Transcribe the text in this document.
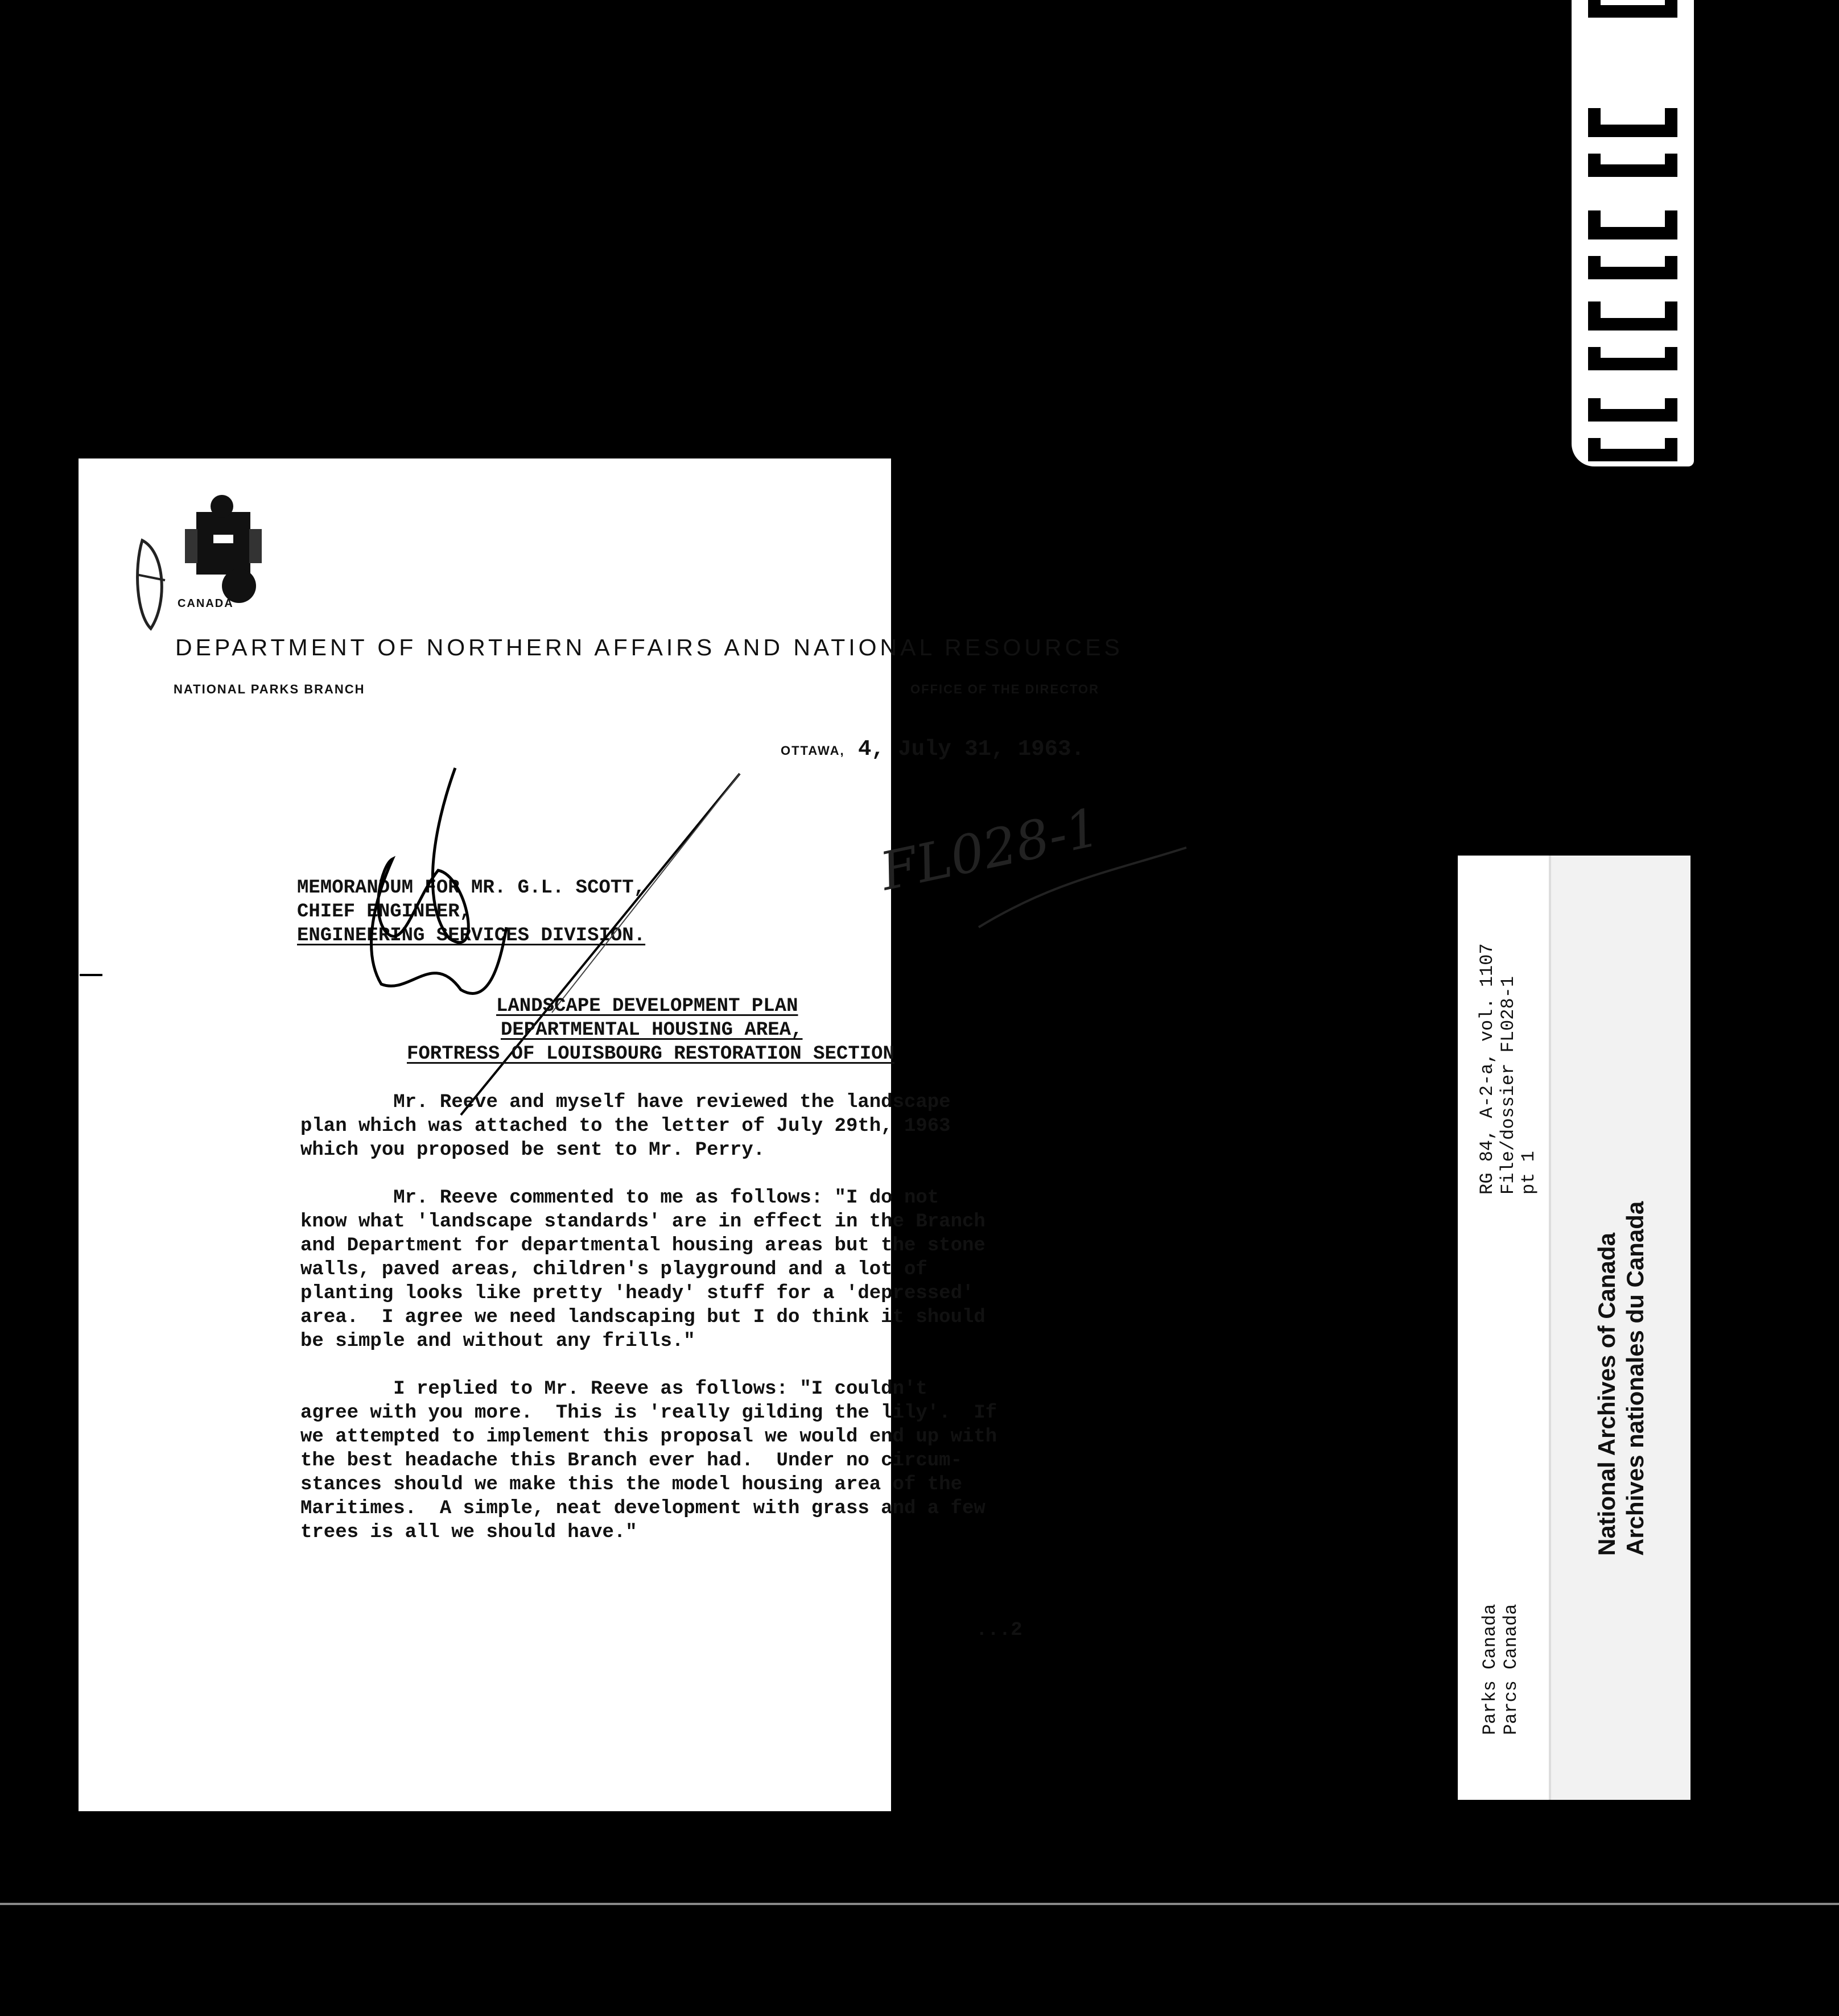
CANADA
DEPARTMENT OF NORTHERN AFFAIRS AND NATIONAL RESOURCES
NATIONAL PARKS BRANCH	OFFICE OF THE DIRECTOR
OTTAWA, 4, July 31, 1963.
FL028-1
MEMORANDUM FOR MR. G.L. SCOTT,
CHIEF ENGINEER,
ENGINEERING SERVICES DIVISION.
LANDSCAPE DEVELOPMENT PLAN
DEPARTMENTAL HOUSING AREA,
FORTRESS OF LOUISBOURG RESTORATION SECTION
Mr. Reeve and myself have reviewed the landscape
plan which was attached to the letter of July 29th, 1963
which you proposed be sent to Mr. Perry.
Mr. Reeve commented to me as follows: "I do not
know what 'landscape standards' are in effect in the Branch
and Department for departmental housing areas but the stone
walls, paved areas, children's playground and a lot of
planting looks like pretty 'heady' stuff for a 'depressed'
area.  I agree we need landscaping but I do think it should
be simple and without any frills."
I replied to Mr. Reeve as follows: "I couldn't
agree with you more.  This is 'really gilding the lily'.  If
we attempted to implement this proposal we would end up with
the best headache this Branch ever had.  Under no circum-
stances should we make this the model housing area of the
Maritimes.  A simple, neat development with grass and a few
trees is all we should have."
...2
RG 84, A-2-a, vol. 1107 File/dossier FL028-1 pt 1
Parks Canada Parcs Canada
National Archives of Canada Archives nationales du Canada
